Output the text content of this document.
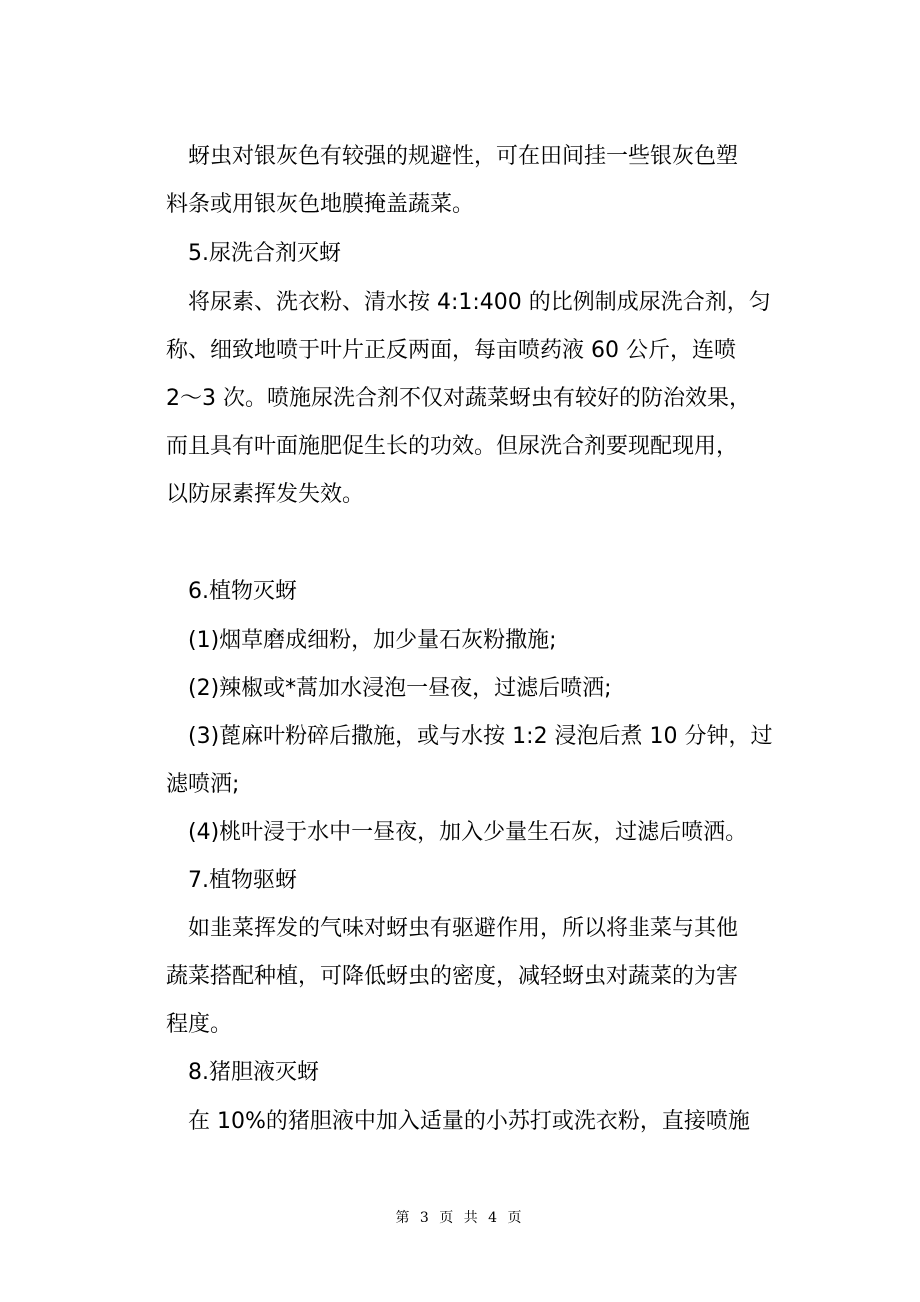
蚜虫对银灰色有较强的规避性，可在田间挂一些银灰色塑

料条或用银灰色地膜掩盖蔬菜。

5.尿洗合剂灭蚜

将尿素、洗衣粉、清水按 4:1:400 的比例制成尿洗合剂，匀

称、细致地喷于叶片正反两面，每亩喷药液 60 公斤，连喷

2～3 次。喷施尿洗合剂不仅对蔬菜蚜虫有较好的防治效果，

而且具有叶面施肥促生长的功效。但尿洗合剂要现配现用，

以防尿素挥发失效。

6.植物灭蚜

(1)烟草磨成细粉，加少量石灰粉撒施;

(2)辣椒或*蒿加水浸泡一昼夜，过滤后喷洒;

(3)蓖麻叶粉碎后撒施，或与水按 1:2 浸泡后煮 10 分钟，过

滤喷洒;

(4)桃叶浸于水中一昼夜，加入少量生石灰，过滤后喷洒。

7.植物驱蚜

如韭菜挥发的气味对蚜虫有驱避作用，所以将韭菜与其他

蔬菜搭配种植，可降低蚜虫的密度，减轻蚜虫对蔬菜的为害

程度。

8.猪胆液灭蚜

在 10%的猪胆液中加入适量的小苏打或洗衣粉，直接喷施

第 3 页 共 4 页
